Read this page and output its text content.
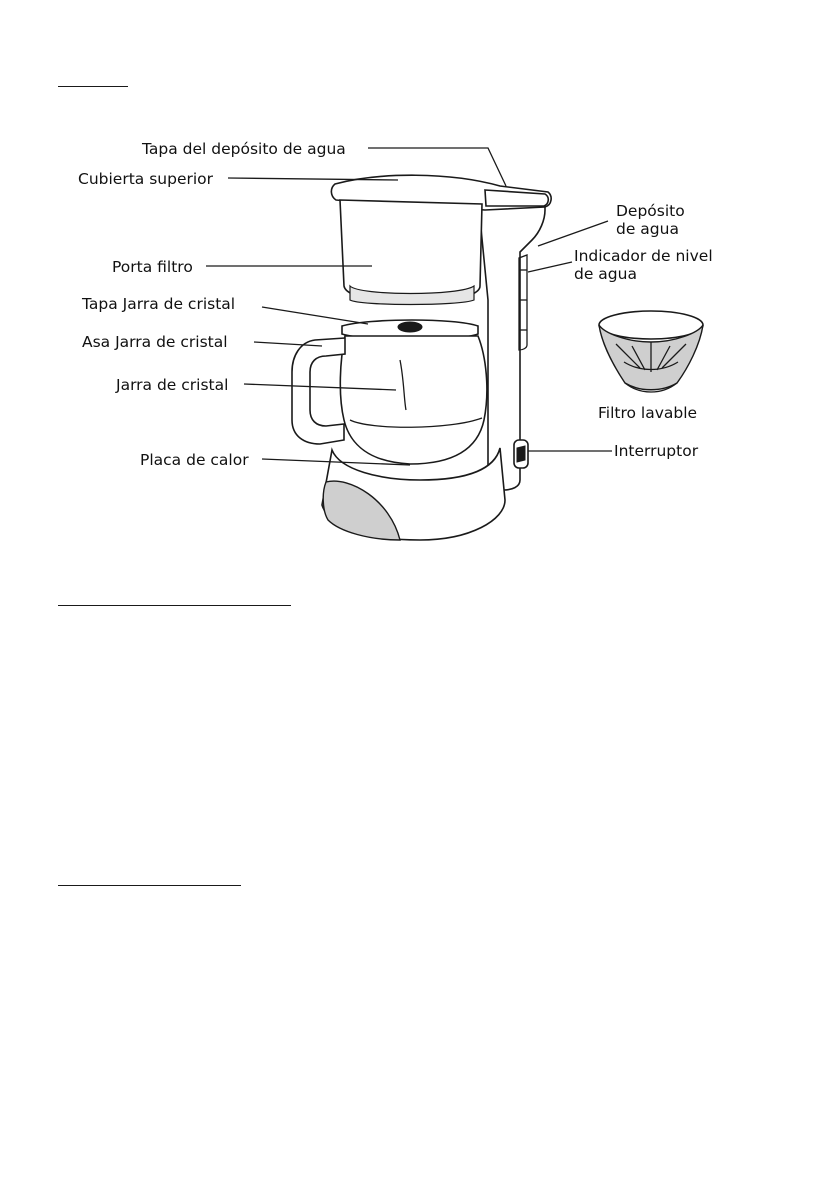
Tapa del depósito de agua
Cubierta superior
Depósito
de agua
Porta filtro
Indicador de nivel
de agua
Tapa Jarra de cristal
Asa Jarra de cristal
Jarra de cristal
Filtro lavable
Interruptor
Placa de calor
